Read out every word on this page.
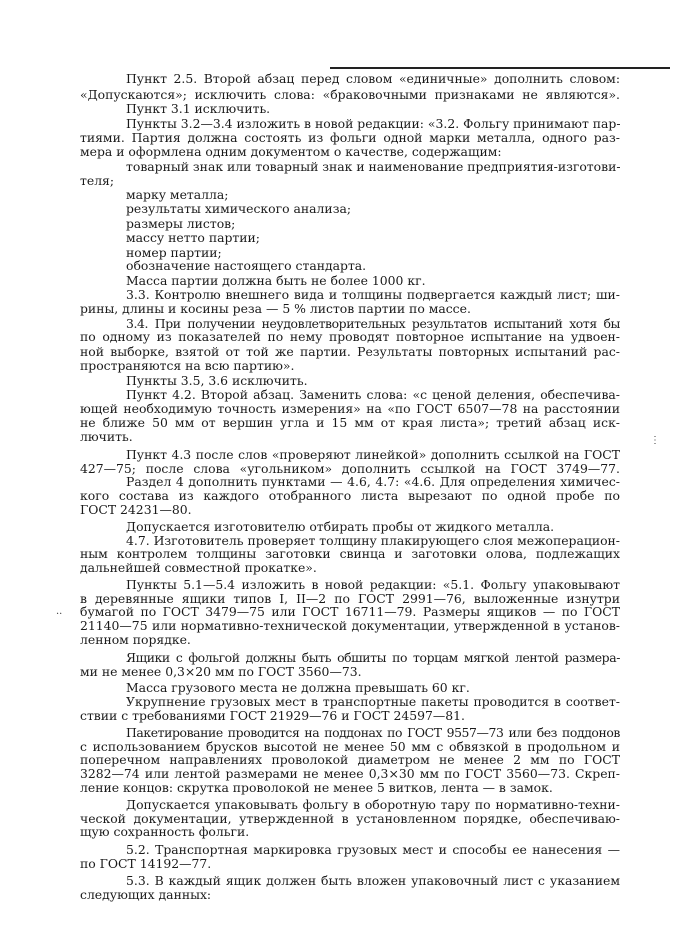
⋮
··
Пункт 2.5. Второй абзац перед словом «единичные» дополнить словом:
«Допускаются»; исключить слова: «браковочными признаками не являются».
Пункт 3.1 исключить.
Пункты 3.2—3.4 изложить в новой редакции: «3.2. Фольгу принимают пар-
тиями. Партия должна состоять из фольги одной марки металла, одного раз-
мера и оформлена одним документом о качестве, содержащим:
товарный знак или товарный знак и наименование предприятия-изготови-
теля;
марку металла;
результаты химического анализа;
размеры листов;
массу нетто партии;
номер партии;
обозначение настоящего стандарта.
Масса партии должна быть не более 1000 кг.
3.3. Контролю внешнего вида и толщины подвергается каждый лист; ши-
рины, длины и косины реза — 5 % листов партии по массе.
3.4. При получении неудовлетворительных результатов испытаний хотя бы
по одному из показателей по нему проводят повторное испытание на удвоен-
ной выборке, взятой от той же партии. Результаты повторных испытаний рас-
пространяются на всю партию».
Пункты 3.5, 3.6 исключить.
Пункт 4.2. Второй абзац. Заменить слова: «с ценой деления, обеспечива-
ющей необходимую точность измерения» на «по ГОСТ 6507—78 на расстоянии
не ближе 50 мм от вершин угла и 15 мм от края листа»; третий абзац иск-
лючить.
Пункт 4.3 после слов «проверяют линейкой» дополнить ссылкой на ГОСТ
427—75; после слова «угольником» дополнить ссылкой на ГОСТ 3749—77.
Раздел 4 дополнить пунктами — 4.6, 4.7: «4.6. Для определения химичес-
кого состава из каждого отобранного листа вырезают по одной пробе по
ГОСТ 24231—80.
Допускается изготовителю отбирать пробы от жидкого металла.
4.7. Изготовитель проверяет толщину плакирующего слоя межоперацион-
ным контролем толщины заготовки свинца и заготовки олова, подлежащих
дальнейшей совместной прокатке».
Пункты 5.1—5.4 изложить в новой редакции: «5.1. Фольгу упаковывают
в деревянные ящики типов I, II—2 по ГОСТ 2991—76, выложенные изнутри
бумагой по ГОСТ 3479—75 или ГОСТ 16711—79. Размеры ящиков — по ГОСТ
21140—75 или нормативно-технической документации, утвержденной в установ-
ленном порядке.
Ящики с фольгой должны быть обшиты по торцам мягкой лентой размера-
ми не менее 0,3×20 мм по ГОСТ 3560—73.
Масса грузового места не должна превышать 60 кг.
Укрупнение грузовых мест в транспортные пакеты проводится в соответ-
ствии с требованиями ГОСТ 21929—76 и ГОСТ 24597—81.
Пакетирование проводится на поддонах по ГОСТ 9557—73 или без поддонов
с использованием брусков высотой не менее 50 мм с обвязкой в продольном и
поперечном направлениях проволокой диаметром не менее 2 мм по ГОСТ
3282—74 или лентой размерами не менее 0,3×30 мм по ГОСТ 3560—73. Скреп-
ление концов: скрутка проволокой не менее 5 витков, лента — в замок.
Допускается упаковывать фольгу в оборотную тару по нормативно-техни-
ческой документации, утвержденной в установленном порядке, обеспечиваю-
щую сохранность фольги.
5.2. Транспортная маркировка грузовых мест и способы ее нанесения —
по ГОСТ 14192—77.
5.3. В каждый ящик должен быть вложен упаковочный лист с указанием
следующих данных:
